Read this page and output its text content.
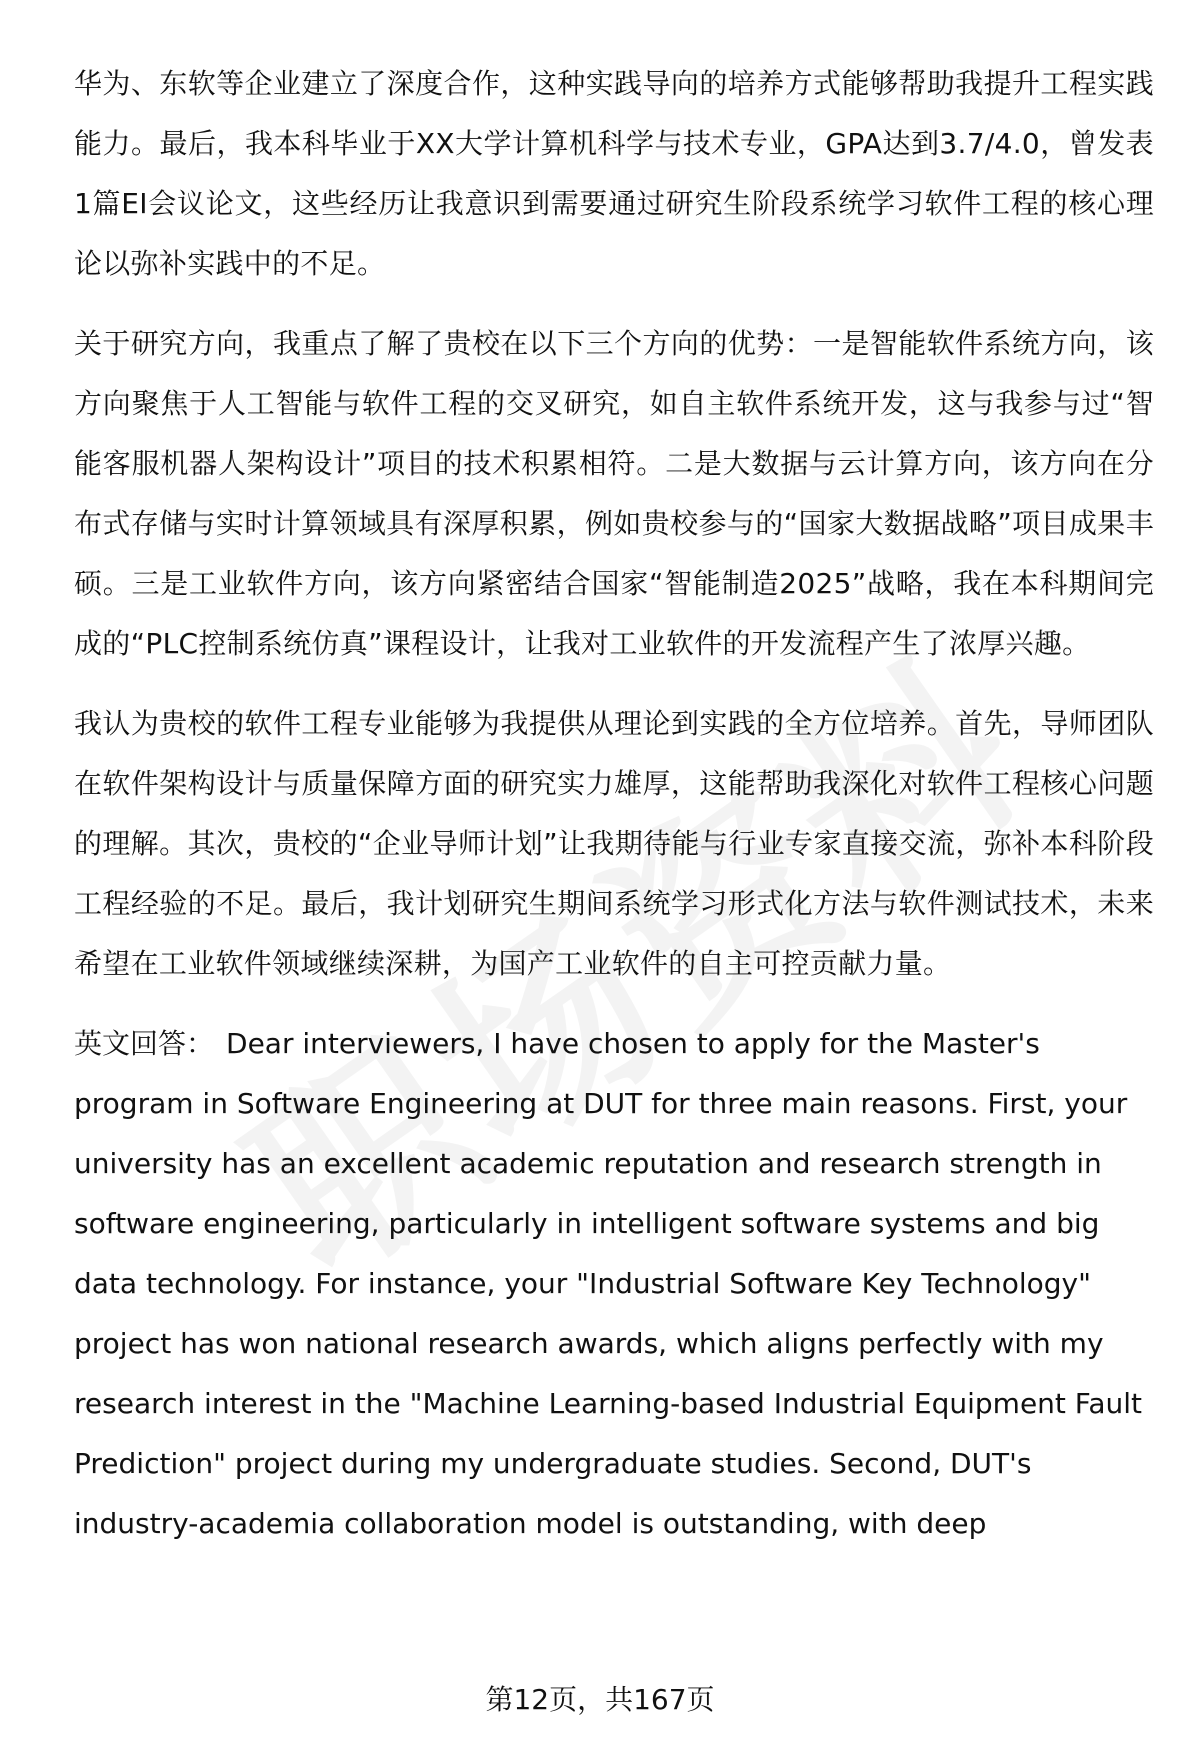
华为、东软等企业建立了深度合作，这种实践导向的培养方式能够帮助我提升工程实践能力。最后，我本科毕业于XX大学计算机科学与技术专业，GPA达到3.7/4.0，曾发表1篇EI会议论文，这些经历让我意识到需要通过研究生阶段系统学习软件工程的核心理论以弥补实践中的不足。

关于研究方向，我重点了解了贵校在以下三个方向的优势：一是智能软件系统方向，该方向聚焦于人工智能与软件工程的交叉研究，如自主软件系统开发，这与我参与过“智能客服机器人架构设计”项目的技术积累相符。二是大数据与云计算方向，该方向在分布式存储与实时计算领域具有深厚积累，例如贵校参与的“国家大数据战略”项目成果丰硕。三是工业软件方向，该方向紧密结合国家“智能制造2025”战略，我在本科期间完成的“PLC控制系统仿真”课程设计，让我对工业软件的开发流程产生了浓厚兴趣。

我认为贵校的软件工程专业能够为我提供从理论到实践的全方位培养。首先，导师团队在软件架构设计与质量保障方面的研究实力雄厚，这能帮助我深化对软件工程核心问题的理解。其次，贵校的“企业导师计划”让我期待能与行业专家直接交流，弥补本科阶段工程经验的不足。最后，我计划研究生期间系统学习形式化方法与软件测试技术，未来希望在工业软件领域继续深耕，为国产工业软件的自主可控贡献力量。

英文回答： Dear interviewers, I have chosen to apply for the Master's program in Software Engineering at DUT for three main reasons. First, your university has an excellent academic reputation and research strength in software engineering, particularly in intelligent software systems and big data technology. For instance, your "Industrial Software Key Technology" project has won national research awards, which aligns perfectly with my research interest in the "Machine Learning-based Industrial Equipment Fault Prediction" project during my undergraduate studies. Second, DUT's industry-academia collaboration model is outstanding, with deep

第12页，共167页
